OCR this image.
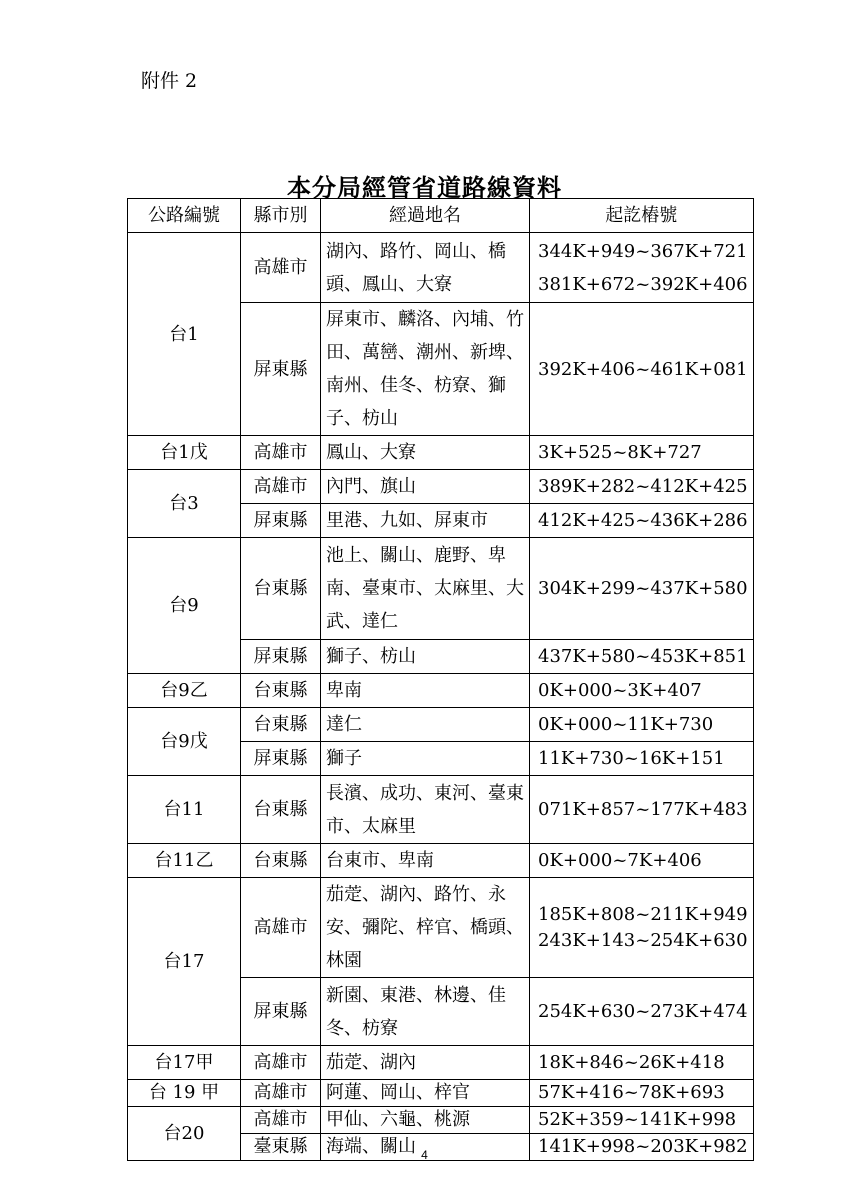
附件 2
本分局經管省道路線資料
公路編號	縣市別	經過地名	起訖樁號
台1	高雄市	湖內、路竹、岡山、橋頭、鳳山、大寮	344K+949~367K+721
381K+672~392K+406
	屏東縣	屏東市、麟洛、內埔、竹田、萬巒、潮州、新埤、南州、佳冬、枋寮、獅子、枋山	392K+406~461K+081
台1戊	高雄市	鳳山、大寮	3K+525~8K+727
台3	高雄市	內門、旗山	389K+282~412K+425
	屏東縣	里港、九如、屏東市	412K+425~436K+286
台9	台東縣	池上、關山、鹿野、卑南、臺東市、太麻里、大武、達仁	304K+299~437K+580
	屏東縣	獅子、枋山	437K+580~453K+851
台9乙	台東縣	卑南	0K+000~3K+407
台9戊	台東縣	達仁	0K+000~11K+730
	屏東縣	獅子	11K+730~16K+151
台11	台東縣	長濱、成功、東河、臺東市、太麻里	071K+857~177K+483
台11乙	台東縣	台東市、卑南	0K+000~7K+406
台17	高雄市	茄萣、湖內、路竹、永安、彌陀、梓官、橋頭、林園	185K+808~211K+949
243K+143~254K+630
	屏東縣	新園、東港、林邊、佳冬、枋寮	254K+630~273K+474
台17甲	高雄市	茄萣、湖內	18K+846~26K+418
台 19 甲	高雄市	阿蓮、岡山、梓官	57K+416~78K+693
台20	高雄市	甲仙、六龜、桃源	52K+359~141K+998
	臺東縣	海端、關山	141K+998~203K+982
4
